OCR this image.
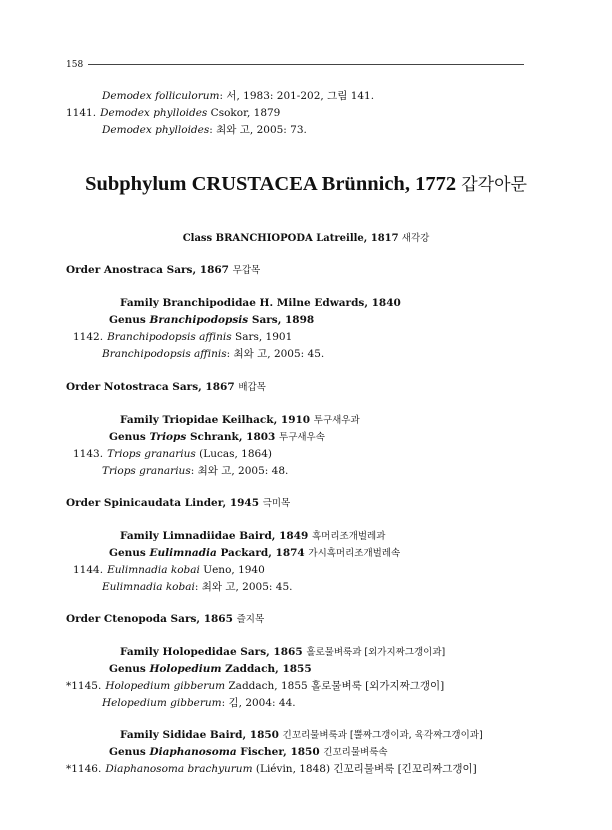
158
Demodex folliculorum: 서, 1983: 201-202, 그림 141.
1141. Demodex phylloides Csokor, 1879
Demodex phylloides: 최와 고, 2005: 73.
Subphylum CRUSTACEA Brünnich, 1772 갑각아문
Class BRANCHIOPODA Latreille, 1817 새각강
Order Anostraca Sars, 1867 무갑목
Family Branchipodidae H. Milne Edwards, 1840
Genus Branchipodopsis Sars, 1898
1142. Branchipodopsis affinis Sars, 1901
Branchipodopsis affinis: 최와 고, 2005: 45.
Order Notostraca Sars, 1867 배갑목
Family Triopidae Keilhack, 1910 투구새우과
Genus Triops Schrank, 1803 투구새우속
1143. Triops granarius (Lucas, 1864)
Triops granarius: 최와 고, 2005: 48.
Order Spinicaudata Linder, 1945 극미목
Family Limnadiidae Baird, 1849 흑머리조개벌레과
Genus Eulimnadia Packard, 1874 가시흑머리조개벌레속
1144. Eulimnadia kobai Ueno, 1940
Eulimnadia kobai: 최와 고, 2005: 45.
Order Ctenopoda Sars, 1865 즐지목
Family Holopedidae Sars, 1865 홀로물벼룩과 [외가지짜그갱이과]
Genus Holopedium Zaddach, 1855
*1145. Holopedium gibberum Zaddach, 1855 홀로물벼룩 [외가지짜그갱이]
Helopedium gibberum: 김, 2004: 44.
Family Sididae Baird, 1850 긴꼬리물벼룩과 [뿔짜그갱이과, 육각짜그갱이과]
Genus Diaphanosoma Fischer, 1850 긴꼬리물벼룩속
*1146. Diaphanosoma brachyurum (Liévin, 1848) 긴꼬리물벼룩 [긴꼬리짜그갱이]
